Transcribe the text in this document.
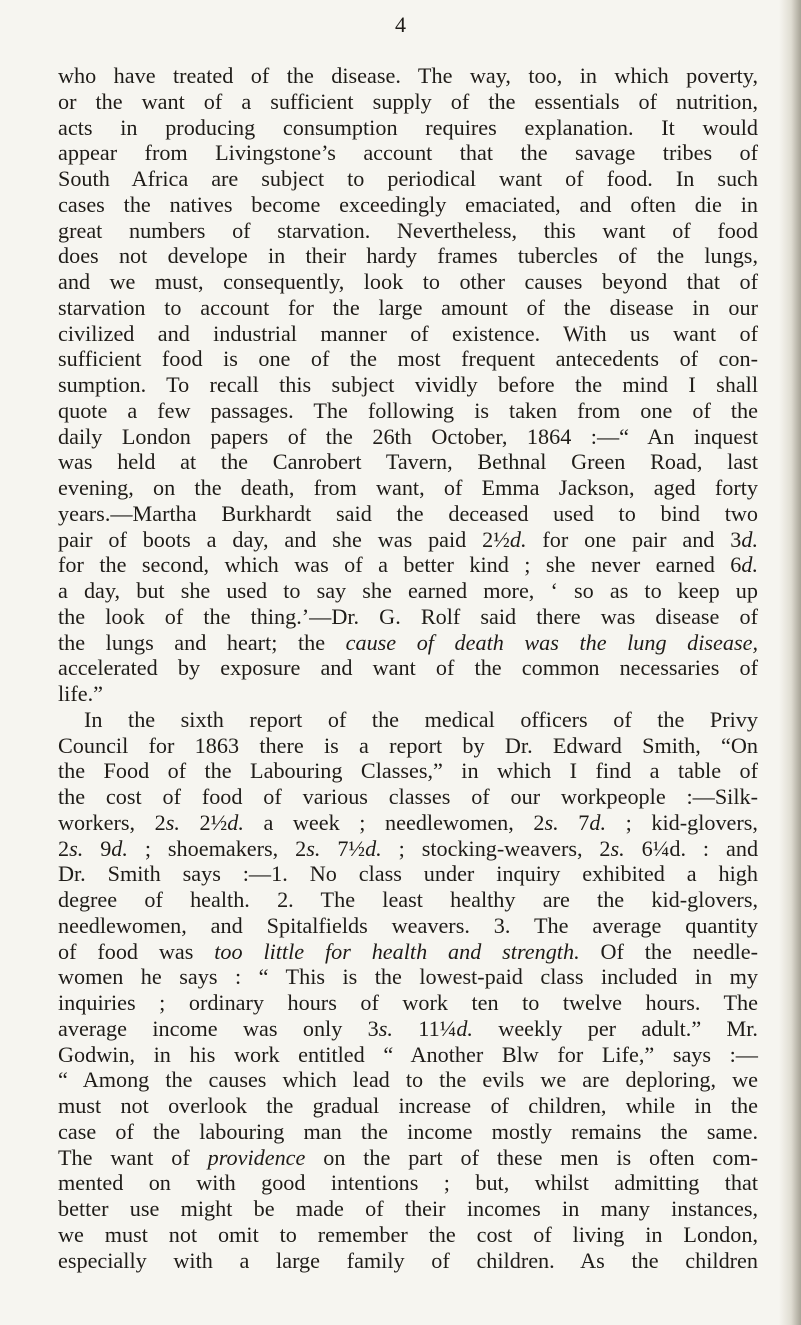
4
who have treated of the disease. The way, too, in which poverty,
or the want of a sufficient supply of the essentials of nutrition,
acts in producing consumption requires explanation. It would
appear from Livingstone’s account that the savage tribes of
South Africa are subject to periodical want of food. In such
cases the natives become exceedingly emaciated, and often die in
great numbers of starvation. Nevertheless, this want of food
does not develope in their hardy frames tubercles of the lungs,
and we must, consequently, look to other causes beyond that of
starvation to account for the large amount of the disease in our
civilized and industrial manner of existence. With us want of
sufficient food is one of the most frequent antecedents of con-
sumption. To recall this subject vividly before the mind I shall
quote a few passages. The following is taken from one of the
daily London papers of the 26th October, 1864 :—“ An inquest
was held at the Canrobert Tavern, Bethnal Green Road, last
evening, on the death, from want, of Emma Jackson, aged forty
years.—Martha Burkhardt said the deceased used to bind two
pair of boots a day, and she was paid 2½d. for one pair and 3d.
for the second, which was of a better kind ; she never earned 6d.
a day, but she used to say she earned more, ‘ so as to keep up
the look of the thing.’—Dr. G. Rolf said there was disease of
the lungs and heart; the cause of death was the lung disease,
accelerated by exposure and want of the common necessaries of
life.”
In the sixth report of the medical officers of the Privy
Council for 1863 there is a report by Dr. Edward Smith, “On
the Food of the Labouring Classes,” in which I find a table of
the cost of food of various classes of our workpeople :—Silk-
workers, 2s. 2½d. a week ; needlewomen, 2s. 7d. ; kid-glovers,
2s. 9d. ; shoemakers, 2s. 7½d. ; stocking-weavers, 2s. 6¼d. : and
Dr. Smith says :—1. No class under inquiry exhibited a high
degree of health. 2. The least healthy are the kid-glovers,
needlewomen, and Spitalfields weavers. 3. The average quantity
of food was too little for health and strength. Of the needle-
women he says : “ This is the lowest-paid class included in my
inquiries ; ordinary hours of work ten to twelve hours. The
average income was only 3s. 11¼d. weekly per adult.” Mr.
Godwin, in his work entitled “ Another Blw for Life,” says :—
“ Among the causes which lead to the evils we are deploring, we
must not overlook the gradual increase of children, while in the
case of the labouring man the income mostly remains the same.
The want of providence on the part of these men is often com-
mented on with good intentions ; but, whilst admitting that
better use might be made of their incomes in many instances,
we must not omit to remember the cost of living in London,
especially with a large family of children. As the children
